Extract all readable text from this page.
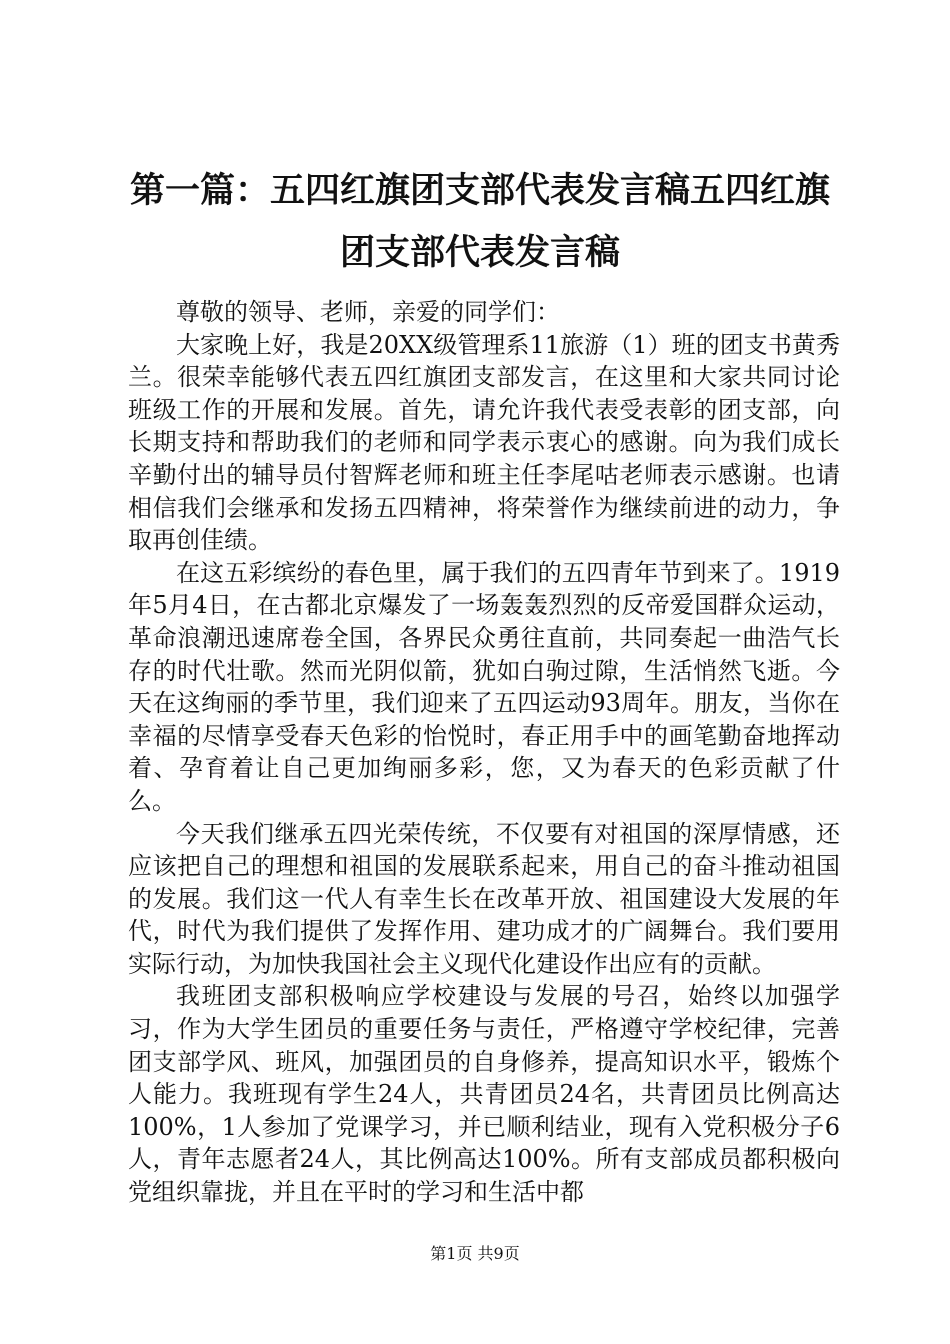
第一篇：五四红旗团支部代表发言稿五四红旗
团支部代表发言稿

尊敬的领导、老师，亲爱的同学们：

大家晚上好，我是20XX级管理系11旅游（1）班的团支书黄秀兰。很荣幸能够代表五四红旗团支部发言，在这里和大家共同讨论班级工作的开展和发展。首先，请允许我代表受表彰的团支部，向长期支持和帮助我们的老师和同学表示衷心的感谢。向为我们成长辛勤付出的辅导员付智辉老师和班主任李尾咕老师表示感谢。也请相信我们会继承和发扬五四精神，将荣誉作为继续前进的动力，争取再创佳绩。

在这五彩缤纷的春色里，属于我们的五四青年节到来了。1919年5月4日，在古都北京爆发了一场轰轰烈烈的反帝爱国群众运动，革命浪潮迅速席卷全国，各界民众勇往直前，共同奏起一曲浩气长存的时代壮歌。然而光阴似箭，犹如白驹过隙，生活悄然飞逝。今天在这绚丽的季节里，我们迎来了五四运动93周年。朋友，当你在幸福的尽情享受春天色彩的怡悦时，春正用手中的画笔勤奋地挥动着、孕育着让自己更加绚丽多彩，您，又为春天的色彩贡献了什么。

今天我们继承五四光荣传统，不仅要有对祖国的深厚情感，还应该把自己的理想和祖国的发展联系起来，用自己的奋斗推动祖国的发展。我们这一代人有幸生长在改革开放、祖国建设大发展的年代，时代为我们提供了发挥作用、建功成才的广阔舞台。我们要用实际行动，为加快我国社会主义现代化建设作出应有的贡献。

我班团支部积极响应学校建设与发展的号召，始终以加强学习，作为大学生团员的重要任务与责任，严格遵守学校纪律，完善团支部学风、班风，加强团员的自身修养，提高知识水平，锻炼个人能力。我班现有学生24人，共青团员24名，共青团员比例高达100%，1人参加了党课学习，并已顺利结业，现有入党积极分子6人，青年志愿者24人，其比例高达100%。所有支部成员都积极向党组织靠拢，并且在平时的学习和生活中都

第1页 共9页
